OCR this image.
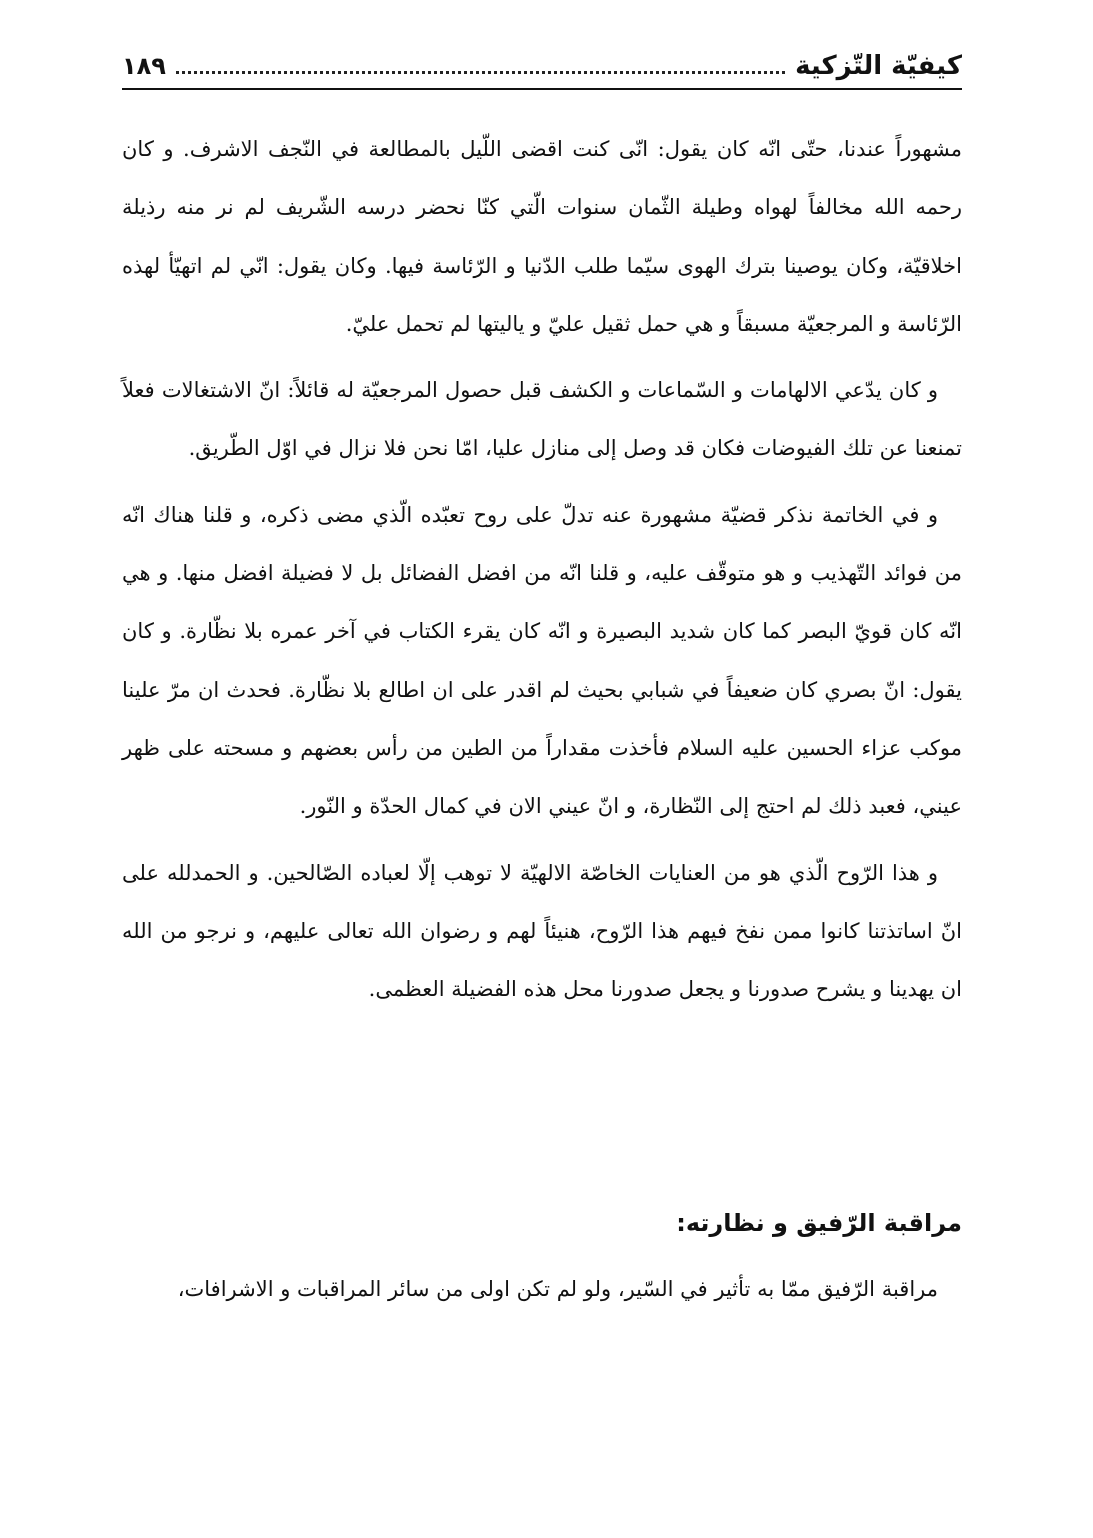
كيفيّة التّزكية
١٨٩

مشهوراً عندنا، حتّى انّه كان يقول: انّى كنت اقضى اللّيل بالمطالعة في النّجف الاشرف. و كان رحمه الله مخالفاً لهواه وطيلة الثّمان سنوات الّتي كنّا نحضر درسه الشّريف لم نر منه رذيلة اخلاقيّة، وكان يوصينا بترك الهوى سيّما طلب الدّنيا و الرّئاسة فيها. وكان يقول: انّي لم اتهيّأ لهذه الرّئاسة و المرجعيّة مسبقاً و هي حمل ثقيل عليّ و ياليتها لم تحمل عليّ.

و كان يدّعي الالهامات و السّماعات و الكشف قبل حصول المرجعيّة له قائلاً: انّ الاشتغالات فعلاً تمنعنا عن تلك الفيوضات فكان قد وصل إلى منازل عليا، امّا نحن فلا نزال في اوّل الطّريق.

و في الخاتمة نذكر قضيّة مشهورة عنه تدلّ على روح تعبّده الّذي مضى ذكره، و قلنا هناك انّه من فوائد التّهذيب و هو متوقّف عليه، و قلنا انّه من افضل الفضائل بل لا فضيلة افضل منها. و هي انّه كان قويّ البصر كما كان شديد البصيرة و انّه كان يقرء الكتاب في آخر عمره بلا نظّارة. و كان يقول: انّ بصري كان ضعيفاً في شبابي بحيث لم اقدر على ان اطالع بلا نظّارة. فحدث ان مرّ علينا موكب عزاء الحسين عليه السلام فأخذت مقداراً من الطين من رأس بعضهم و مسحته على ظهر عيني، فعبد ذلك لم احتج إلى النّظارة، و انّ عيني الان في كمال الحدّة و النّور.

و هذا الرّوح الّذي هو من العنايات الخاصّة الالهيّة لا توهب إلّا لعباده الصّالحين. و الحمدلله على انّ اساتذتنا كانوا ممن نفخ فيهم هذا الرّوح، هنيئاً لهم و رضوان الله تعالى عليهم، و نرجو من الله ان يهدينا و يشرح صدورنا و يجعل صدورنا محل هذه الفضيلة العظمى.

مراقبة الرّفيق و نظارته:
مراقبة الرّفيق ممّا به تأثير في السّير، ولو لم تكن اولى من سائر المراقبات و الاشرافات،
